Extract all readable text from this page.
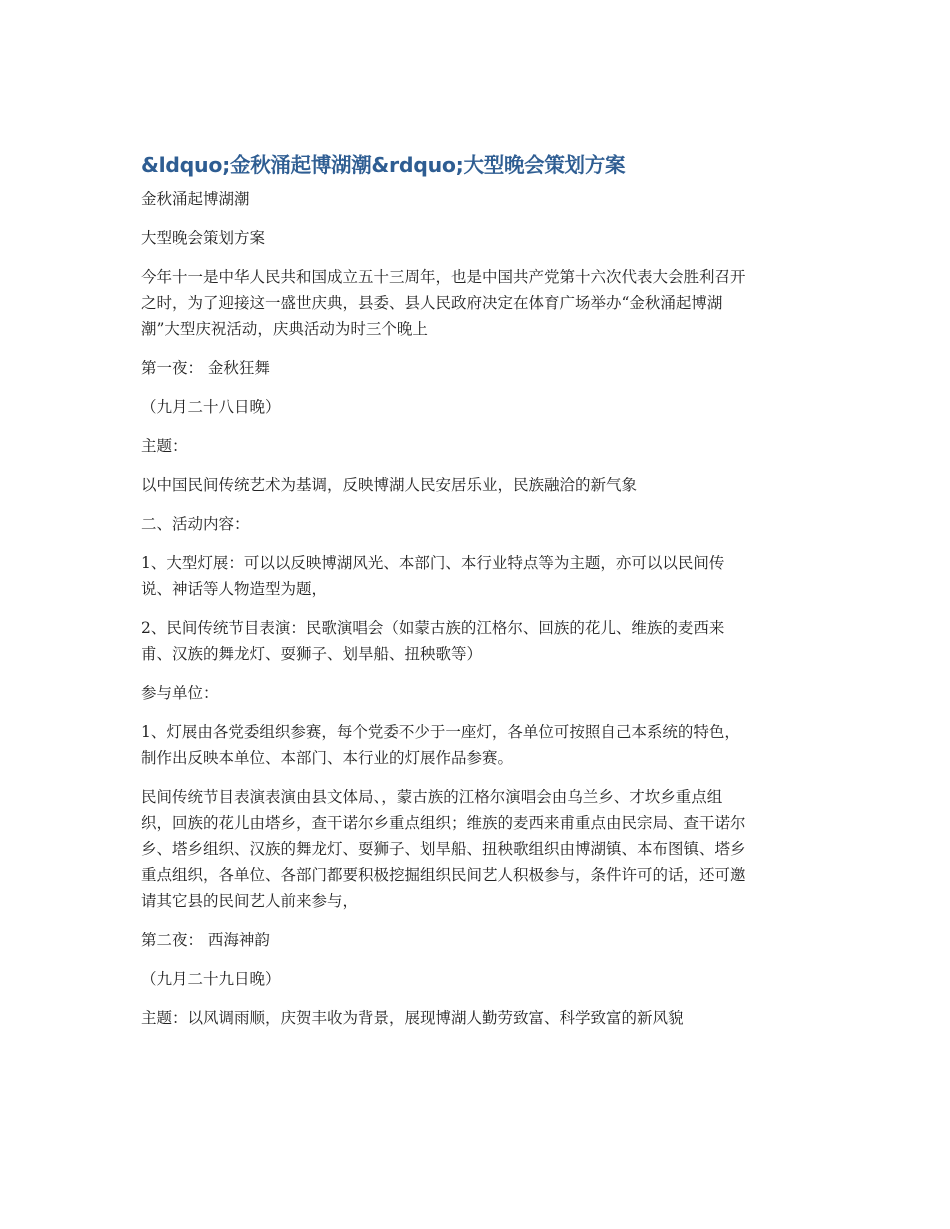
&ldquo;金秋涌起博湖潮&rdquo;大型晚会策划方案

金秋涌起博湖潮

大型晚会策划方案

今年十一是中华人民共和国成立五十三周年，也是中国共产党第十六次代表大会胜利召开
之时，为了迎接这一盛世庆典，县委、县人民政府决定在体育广场举办“金秋涌起博湖
潮”大型庆祝活动，庆典活动为时三个晚上

第一夜： 金秋狂舞

（九月二十八日晚）

主题：

以中国民间传统艺术为基调，反映博湖人民安居乐业，民族融洽的新气象

二、活动内容：

1、大型灯展：可以以反映博湖风光、本部门、本行业特点等为主题，亦可以以民间传
说、神话等人物造型为题，

2、民间传统节目表演：民歌演唱会（如蒙古族的江格尔、回族的花儿、维族的麦西来
甫、汉族的舞龙灯、耍狮子、划旱船、扭秧歌等）

参与单位：

1、灯展由各党委组织参赛，每个党委不少于一座灯，各单位可按照自己本系统的特色，
制作出反映本单位、本部门、本行业的灯展作品参赛。

民间传统节目表演表演由县文体局、，蒙古族的江格尔演唱会由乌兰乡、才坎乡重点组
织，回族的花儿由塔乡，查干诺尔乡重点组织；维族的麦西来甫重点由民宗局、查干诺尔
乡、塔乡组织、汉族的舞龙灯、耍狮子、划旱船、扭秧歌组织由博湖镇、本布图镇、塔乡
重点组织，各单位、各部门都要积极挖掘组织民间艺人积极参与，条件许可的话，还可邀
请其它县的民间艺人前来参与，

第二夜： 西海神韵

（九月二十九日晚）

主题：以风调雨顺，庆贺丰收为背景，展现博湖人勤劳致富、科学致富的新风貌
